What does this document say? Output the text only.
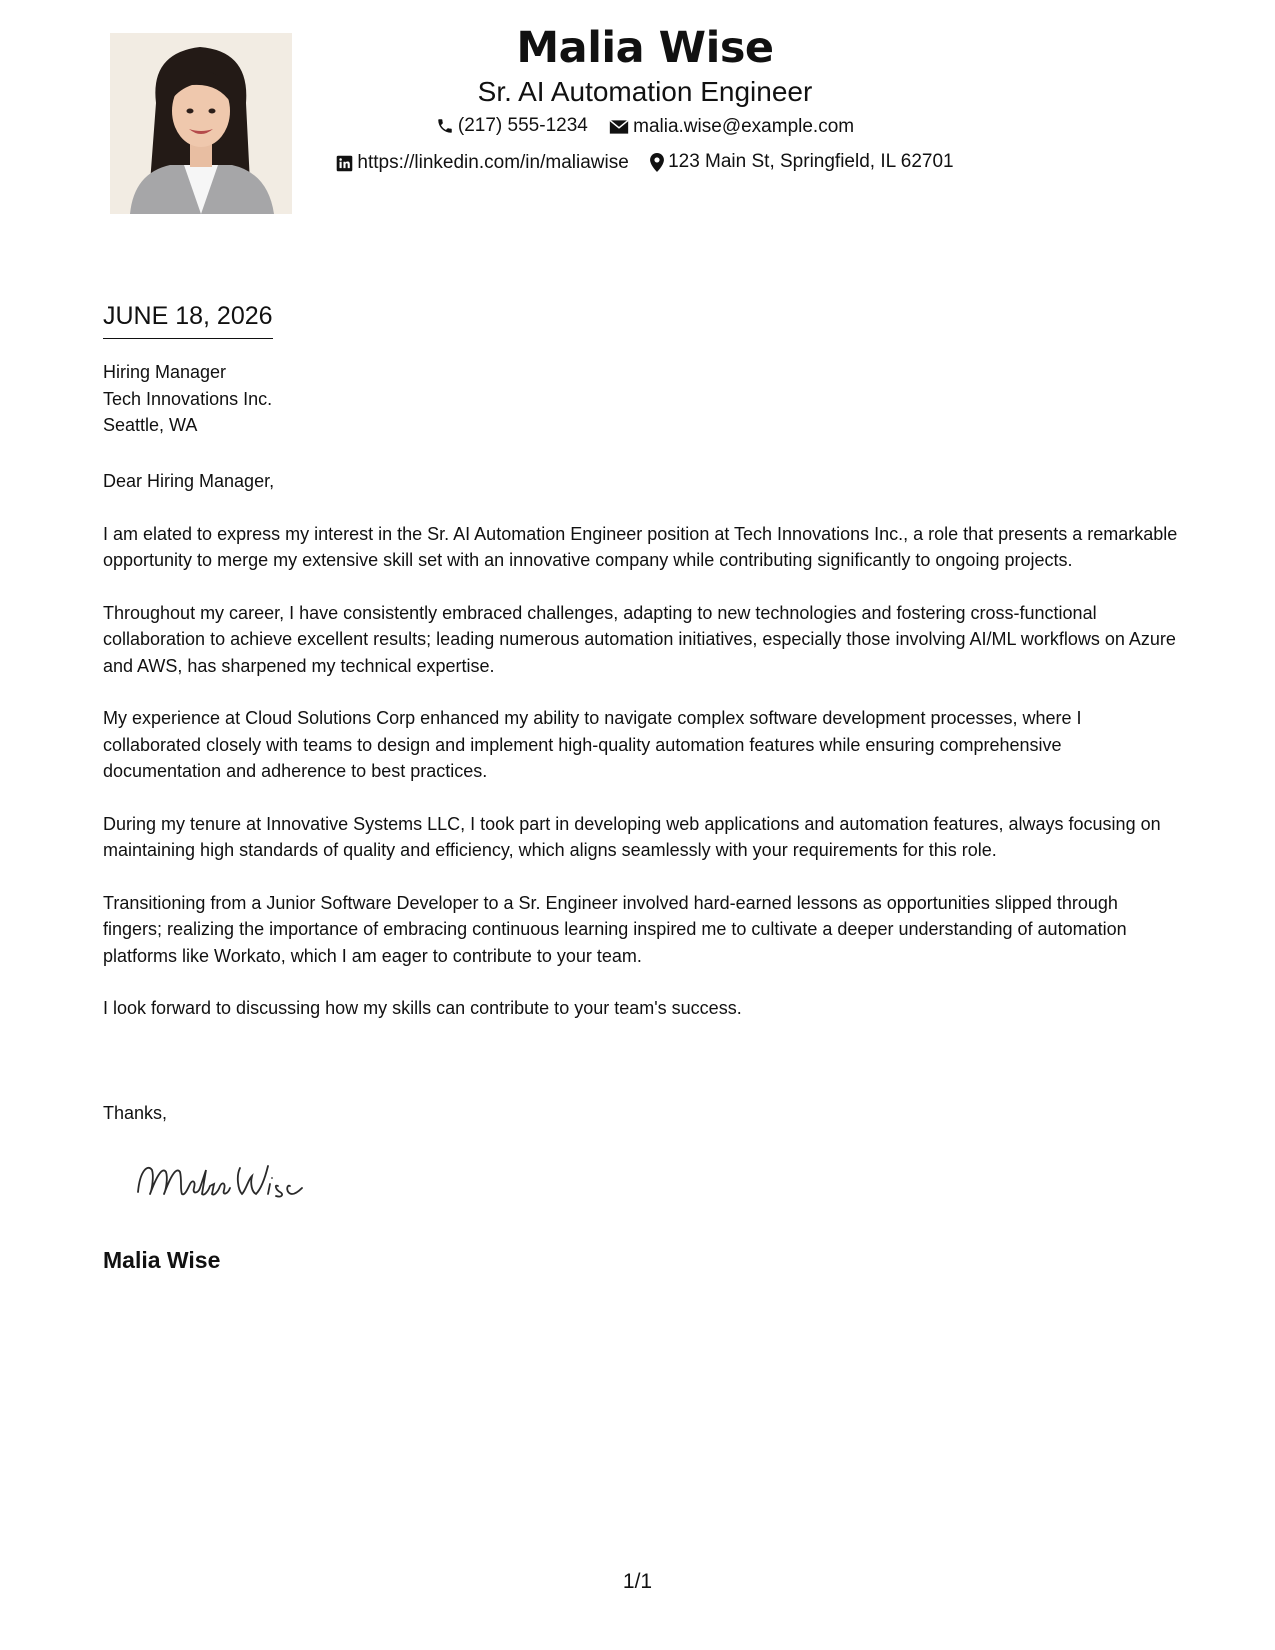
Malia Wise
Sr. AI Automation Engineer
(217) 555-1234
malia.wise@example.com
https://linkedin.com/in/maliawise
123 Main St, Springfield, IL 62701
JUNE 18, 2026
Hiring Manager
Tech Innovations Inc.
Seattle, WA

Dear Hiring Manager,

I am elated to express my interest in the Sr. AI Automation Engineer position at Tech Innovations Inc., a role that presents a remarkable opportunity to merge my extensive skill set with an innovative company while contributing significantly to ongoing projects.

Throughout my career, I have consistently embraced challenges, adapting to new technologies and fostering cross-functional collaboration to achieve excellent results; leading numerous automation initiatives, especially those involving AI/ML workflows on Azure and AWS, has sharpened my technical expertise.

My experience at Cloud Solutions Corp enhanced my ability to navigate complex software development processes, where I collaborated closely with teams to design and implement high-quality automation features while ensuring comprehensive documentation and adherence to best practices.

During my tenure at Innovative Systems LLC, I took part in developing web applications and automation features, always focusing on maintaining high standards of quality and efficiency, which aligns seamlessly with your requirements for this role.

Transitioning from a Junior Software Developer to a Sr. Engineer involved hard-earned lessons as opportunities slipped through fingers; realizing the importance of embracing continuous learning inspired me to cultivate a deeper understanding of automation platforms like Workato, which I am eager to contribute to your team.

I look forward to discussing how my skills can contribute to your team's success.

Thanks,
Malia Wise
1/1
